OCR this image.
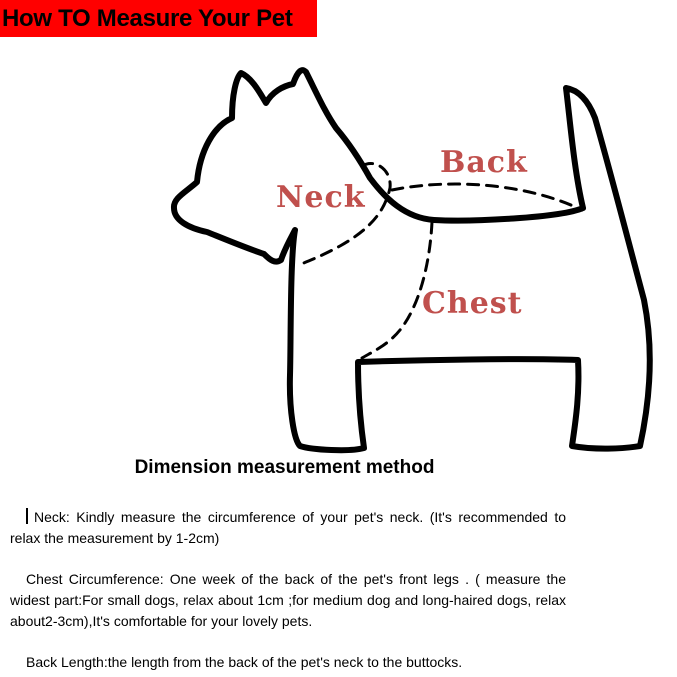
How TO Measure Your Pet
Neck
Back
Chest
Dimension measurement method
Neck: Kindly measure the circumference of your pet's neck. (It's recommended to relax the measurement by 1-2cm)
Chest Circumference: One week of the back of the pet's front legs . ( measure the widest part:For small dogs, relax about 1cm ;for medium dog and long-haired dogs, relax about2-3cm),It's comfortable for your lovely pets.
Back Length:the length from the back of the pet's neck to the buttocks.
